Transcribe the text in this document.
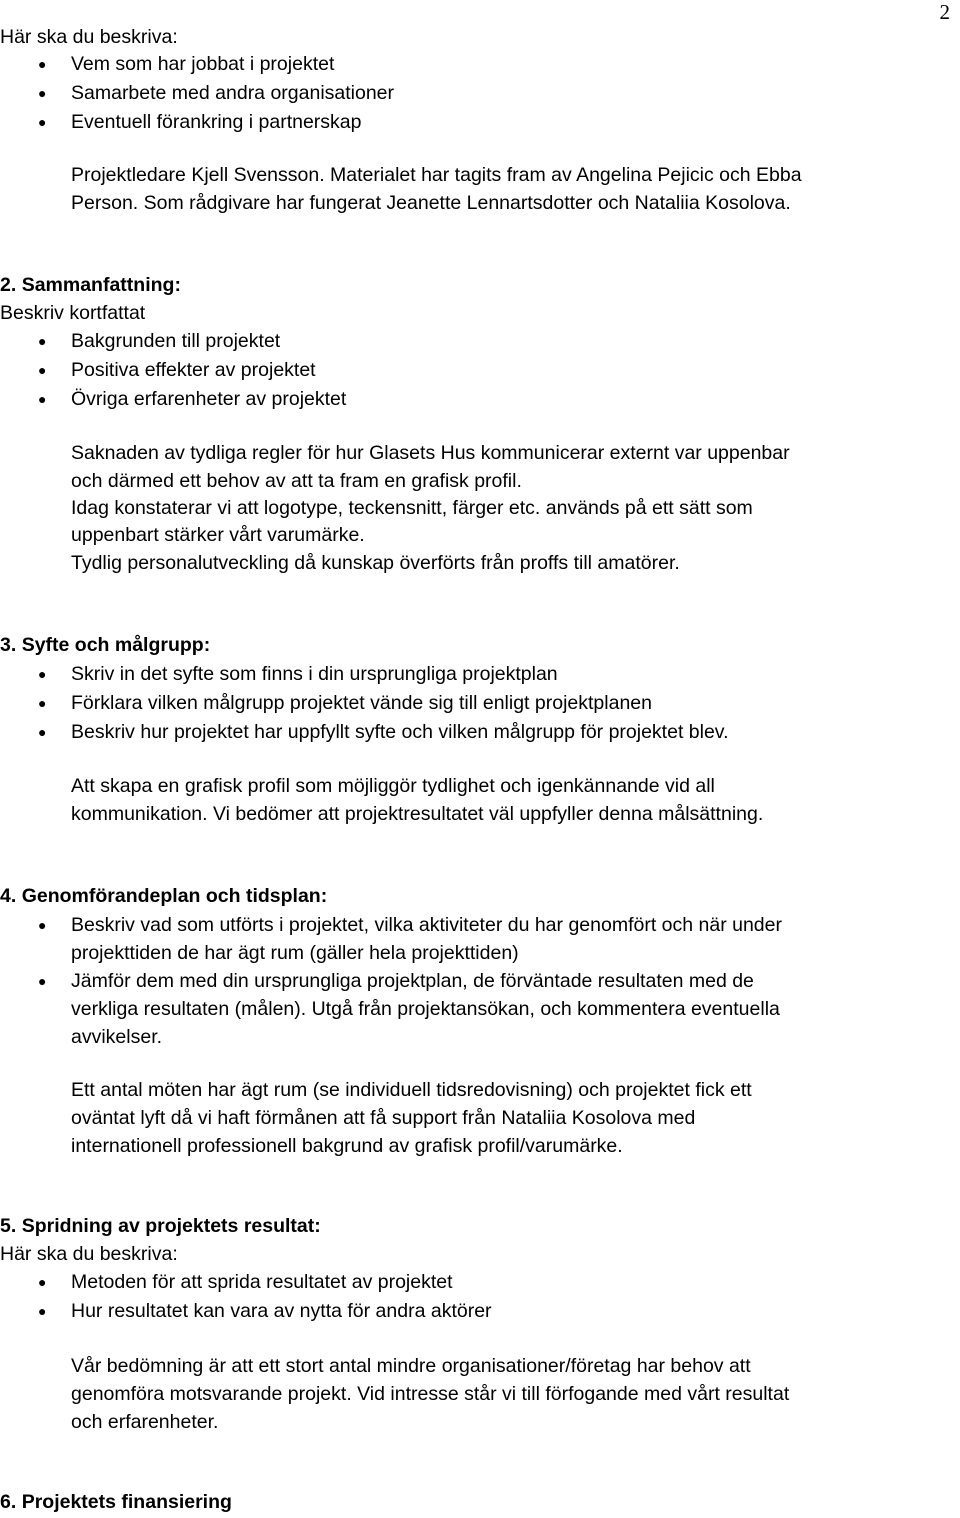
2
Här ska du beskriva:
● Vem som har jobbat i projektet
● Samarbete med andra organisationer
● Eventuell förankring i partnerskap
Projektledare Kjell Svensson. Materialet har tagits fram av Angelina Pejicic och Ebba
Person. Som rådgivare har fungerat Jeanette Lennartsdotter och Nataliia Kosolova.
2. Sammanfattning:
Beskriv kortfattat
● Bakgrunden till projektet
● Positiva effekter av projektet
● Övriga erfarenheter av projektet
Saknaden av tydliga regler för hur Glasets Hus kommunicerar externt var uppenbar
och därmed ett behov av att ta fram en grafisk profil.
Idag konstaterar vi att logotype, teckensnitt, färger etc. används på ett sätt som
uppenbart stärker vårt varumärke.
Tydlig personalutveckling då kunskap överförts från proffs till amatörer.
3. Syfte och målgrupp:
● Skriv in det syfte som finns i din ursprungliga projektplan
● Förklara vilken målgrupp projektet vände sig till enligt projektplanen
● Beskriv hur projektet har uppfyllt syfte och vilken målgrupp för projektet blev.
Att skapa en grafisk profil som möjliggör tydlighet och igenkännande vid all
kommunikation. Vi bedömer att projektresultatet väl uppfyller denna målsättning.
4. Genomförandeplan och tidsplan:
● Beskriv vad som utförts i projektet, vilka aktiviteter du har genomfört och när under
projekttiden de har ägt rum (gäller hela projekttiden)
● Jämför dem med din ursprungliga projektplan, de förväntade resultaten med de
verkliga resultaten (målen). Utgå från projektansökan, och kommentera eventuella
avvikelser.
Ett antal möten har ägt rum (se individuell tidsredovisning) och projektet fick ett
oväntat lyft då vi haft förmånen att få support från Nataliia Kosolova med
internationell professionell bakgrund av grafisk profil/varumärke.
5. Spridning av projektets resultat:
Här ska du beskriva:
● Metoden för att sprida resultatet av projektet
● Hur resultatet kan vara av nytta för andra aktörer
Vår bedömning är att ett stort antal mindre organisationer/företag har behov att
genomföra motsvarande projekt. Vid intresse står vi till förfogande med vårt resultat
och erfarenheter.
6. Projektets finansiering
